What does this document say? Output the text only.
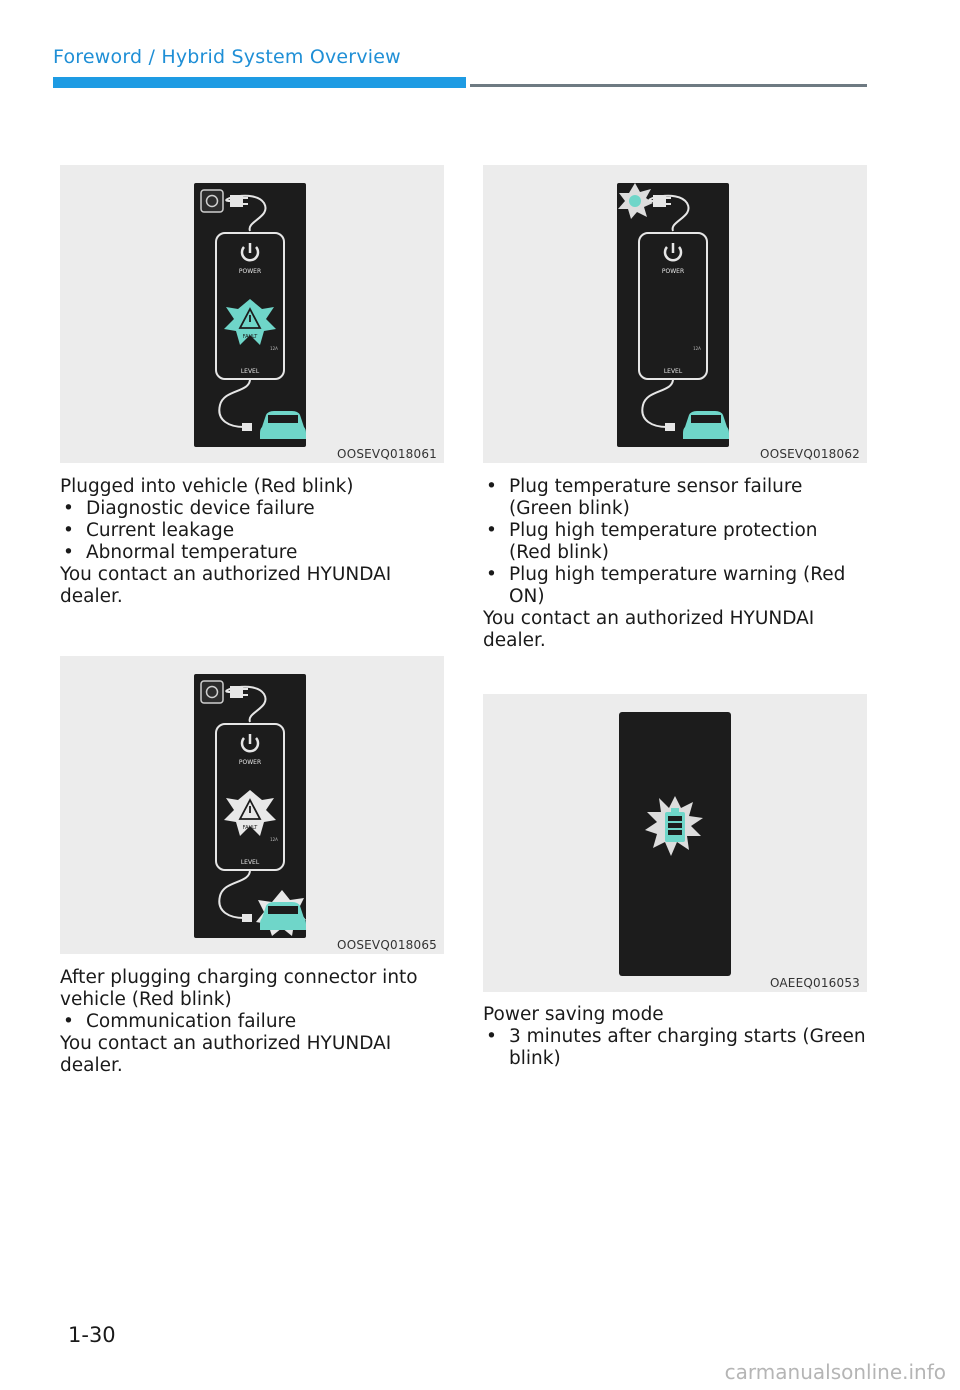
Foreword / Hybrid System Overview
POWER
FAULT
12A
LEVEL
OOSEVQ018061
POWER
FAULT
12A
LEVEL
OOSEVQ018065
POWER
12A
LEVEL
OOSEVQ018062
OAEEQ016053

Plugged into vehicle (Red blink)

• Diagnostic device failure

• Current leakage

• Abnormal temperature

You contact an authorized HYUNDAI dealer.

After plugging charging connector into vehicle (Red blink)

• Communication failure

You contact an authorized HYUNDAI dealer.

• Plug temperature sensor failure (Green blink)

• Plug high temperature protection (Red blink)

• Plug high temperature warning (Red ON)

You contact an authorized HYUNDAI dealer.

Power saving mode

• 3 minutes after charging starts (Green blink)

1-30
carmanualsonline.info
